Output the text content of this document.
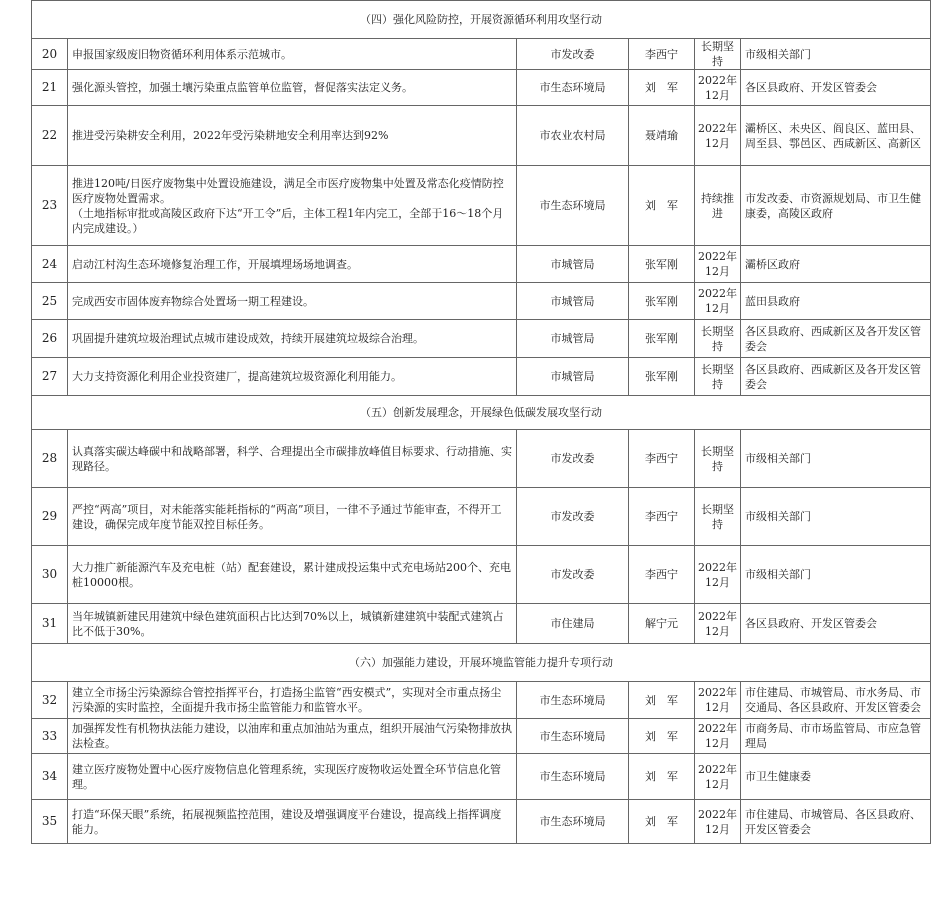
（四）强化风险防控，开展资源循环利用攻坚行动					
20	申报国家级废旧物资循环利用体系示范城市。	市发改委	李西宁	长期坚持	市级相关部门
21	强化源头管控，加强土壤污染重点监管单位监管，督促落实法定义务。	市生态环境局	刘　军	2022年12月	各区县政府、开发区管委会
22	推进受污染耕安全利用，2022年受污染耕地安全利用率达到92%	市农业农村局	聂靖瑜	2022年12月	灞桥区、未央区、阎良区、蓝田县、周至县、鄠邑区、西咸新区、高新区
23	推进120吨/日医疗废物集中处置设施建设，满足全市医疗废物集中处置及常态化疫情防控医疗废物处置需求。
（土地指标审批或高陵区政府下达“开工令”后，主体工程1年内完工，全部于16～18个月内完成建设。）	市生态环境局	刘　军	持续推进	市发改委、市资源规划局、市卫生健康委，高陵区政府
24	启动江村沟生态环境修复治理工作，开展填埋场场地调查。	市城管局	张军刚	2022年12月	灞桥区政府
25	完成西安市固体废弃物综合处置场一期工程建设。	市城管局	张军刚	2022年12月	蓝田县政府
26	巩固提升建筑垃圾治理试点城市建设成效，持续开展建筑垃圾综合治理。	市城管局	张军刚	长期坚持	各区县政府、西咸新区及各开发区管委会
27	大力支持资源化利用企业投资建厂，提高建筑垃圾资源化利用能力。	市城管局	张军刚	长期坚持	各区县政府、西咸新区及各开发区管委会
（五）创新发展理念，开展绿色低碳发展攻坚行动					
28	认真落实碳达峰碳中和战略部署，科学、合理提出全市碳排放峰值目标要求、行动措施、实现路径。	市发改委	李西宁	长期坚持	市级相关部门
29	严控“两高”项目，对未能落实能耗指标的“两高”项目，一律不予通过节能审查，不得开工建设，确保完成年度节能双控目标任务。	市发改委	李西宁	长期坚持	市级相关部门
30	大力推广新能源汽车及充电桩（站）配套建设，累计建成投运集中式充电场站200个、充电桩10000根。	市发改委	李西宁	2022年12月	市级相关部门
31	当年城镇新建民用建筑中绿色建筑面积占比达到70%以上，城镇新建建筑中装配式建筑占比不低于30%。	市住建局	解宁元	2022年12月	各区县政府、开发区管委会
（六）加强能力建设，开展环境监管能力提升专项行动					
32	建立全市扬尘污染源综合管控指挥平台，打造扬尘监管“西安模式”，实现对全市重点扬尘污染源的实时监控，全面提升我市扬尘监管能力和监管水平。	市生态环境局	刘　军	2022年12月	市住建局、市城管局、市水务局、市交通局、各区县政府、开发区管委会
33	加强挥发性有机物执法能力建设，以油库和重点加油站为重点，组织开展油气污染物排放执法检查。	市生态环境局	刘　军	2022年12月	市商务局、市市场监管局、市应急管理局
34	建立医疗废物处置中心医疗废物信息化管理系统，实现医疗废物收运处置全环节信息化管理。	市生态环境局	刘　军	2022年12月	市卫生健康委
35	打造“环保天眼”系统，拓展视频监控范围，建设及增强调度平台建设，提高线上指挥调度能力。	市生态环境局	刘　军	2022年12月	市住建局、市城管局、各区县政府、开发区管委会
